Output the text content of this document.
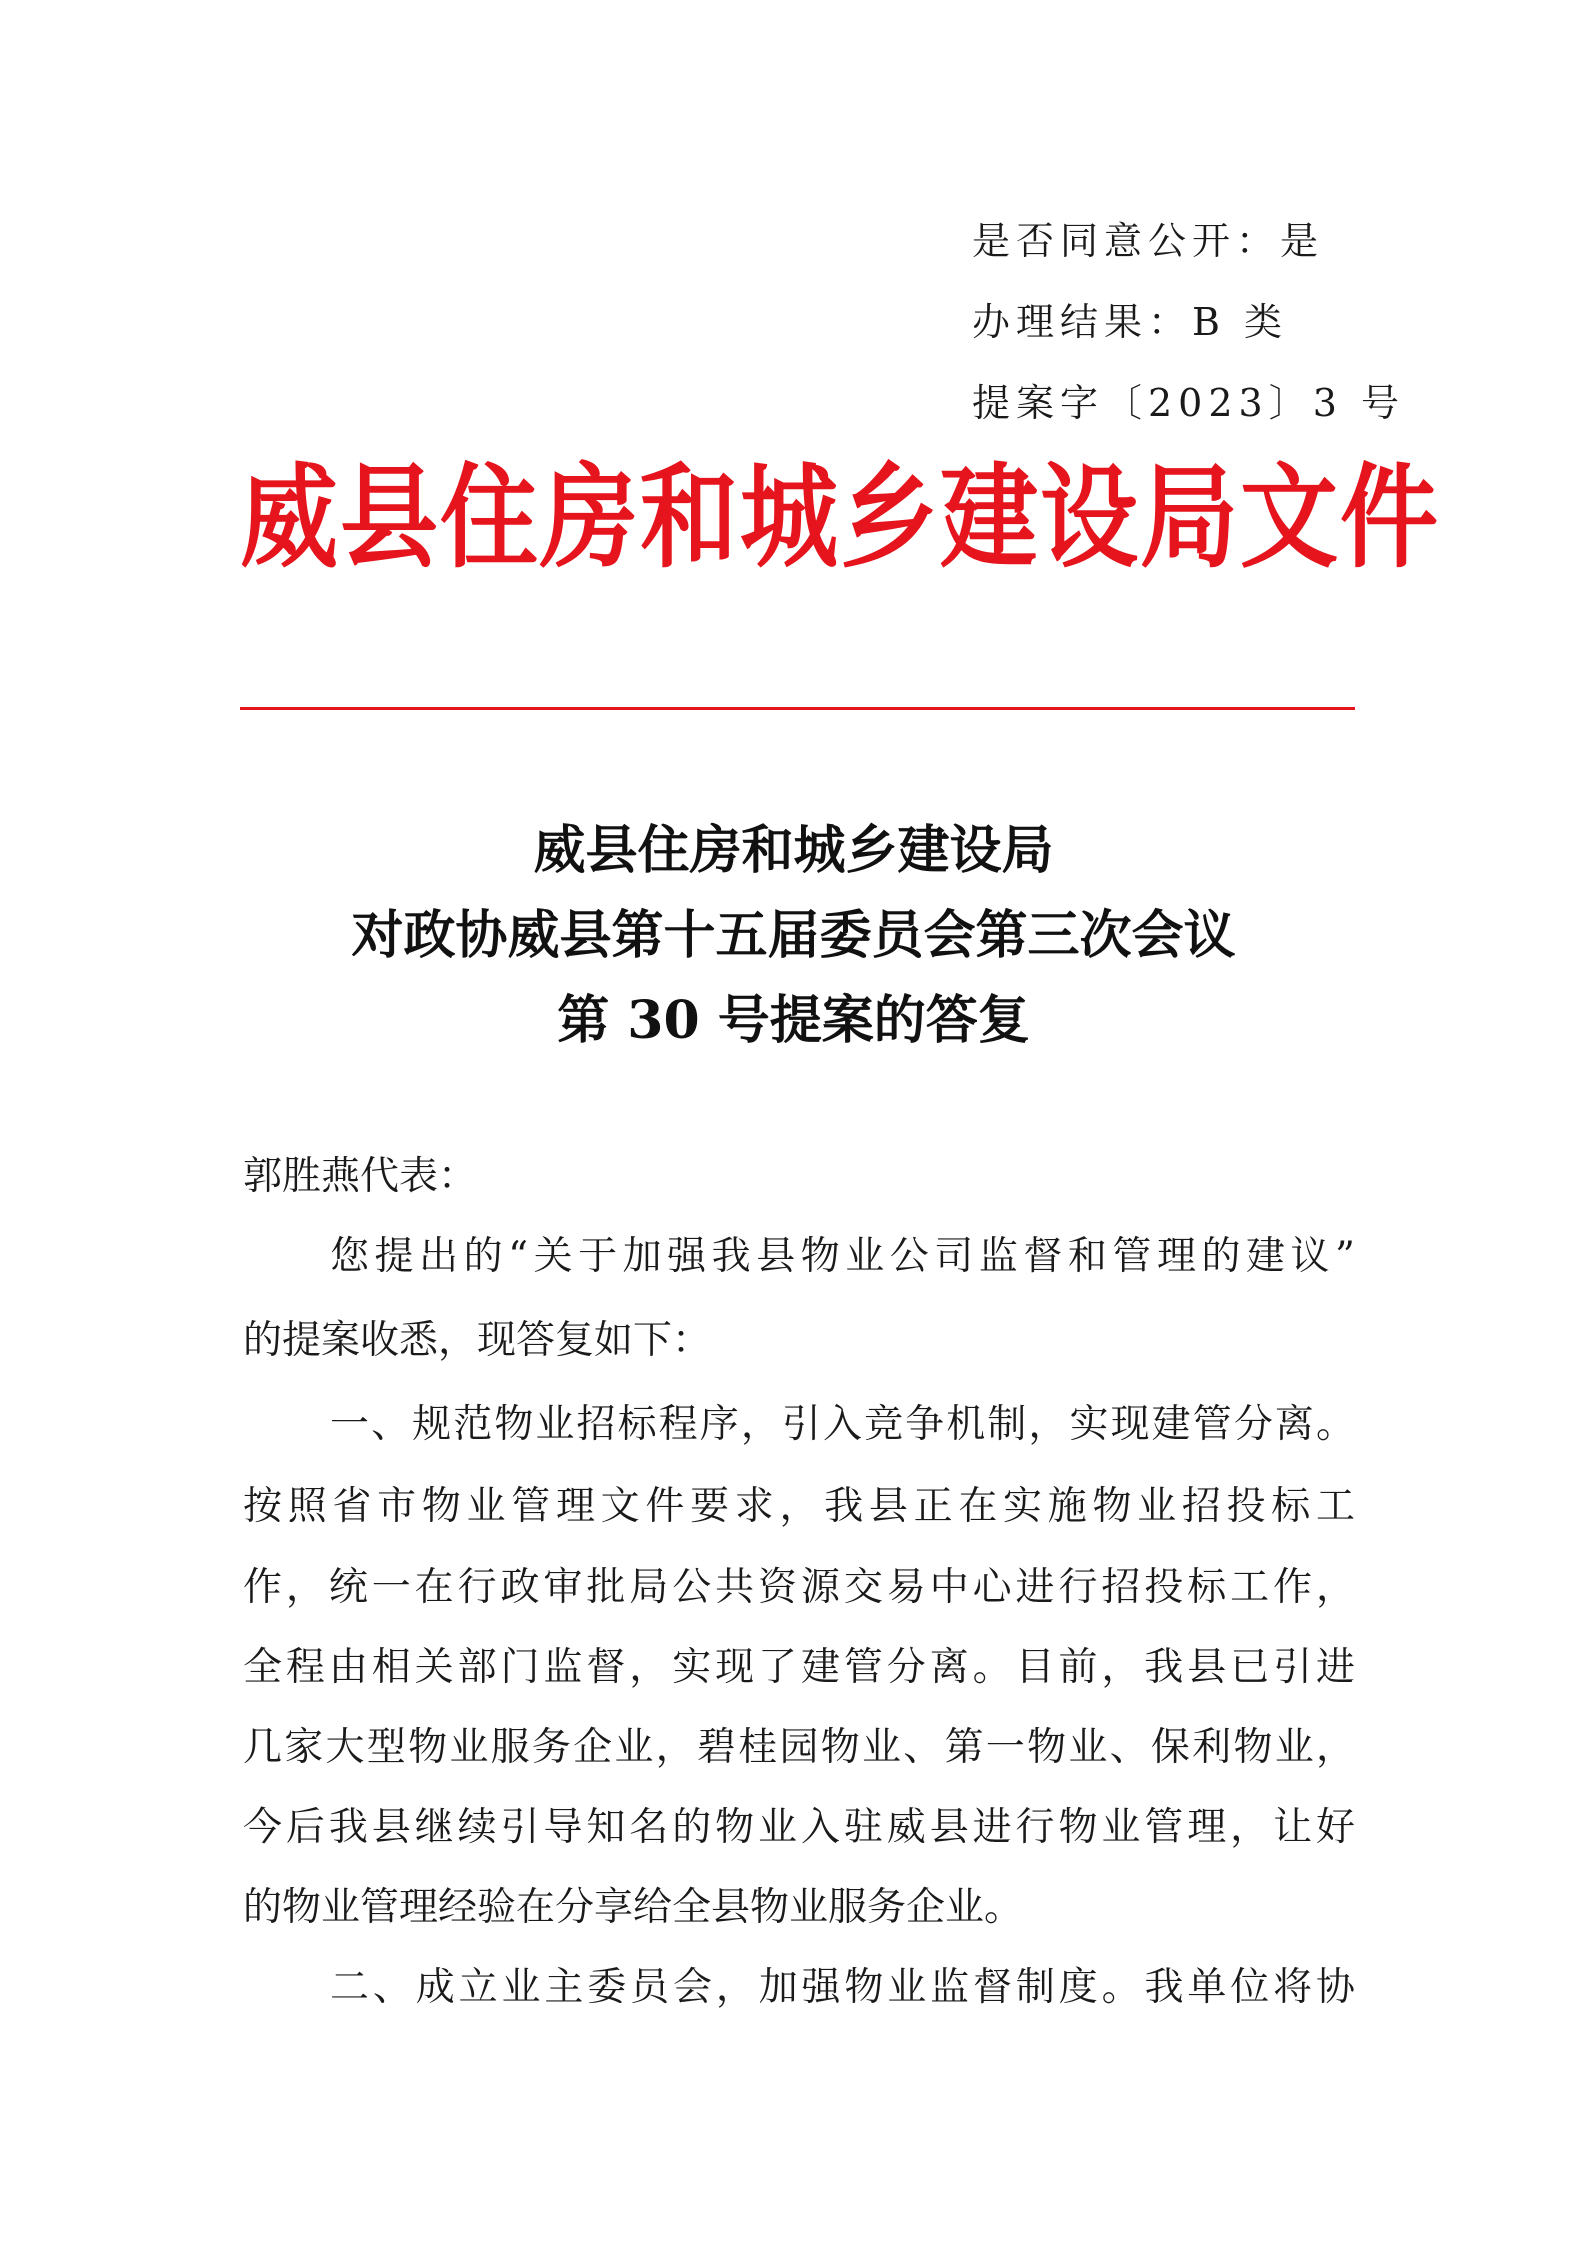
是否同意公开：是
办理结果：B 类
提案字〔2023〕3 号
威县住房和城乡建设局文件
威县住房和城乡建设局
对政协威县第十五届委员会第三次会议
第 30 号提案的答复
郭胜燕代表：
您提出的“关于加强我县物业公司监督和管理的建议”
的提案收悉，现答复如下：
一、规范物业招标程序，引入竞争机制，实现建管分离。
按照省市物业管理文件要求，我县正在实施物业招投标工
作，统一在行政审批局公共资源交易中心进行招投标工作，
全程由相关部门监督，实现了建管分离。目前，我县已引进
几家大型物业服务企业，碧桂园物业、第一物业、保利物业，
今后我县继续引导知名的物业入驻威县进行物业管理，让好
的物业管理经验在分享给全县物业服务企业。
二、成立业主委员会，加强物业监督制度。我单位将协
